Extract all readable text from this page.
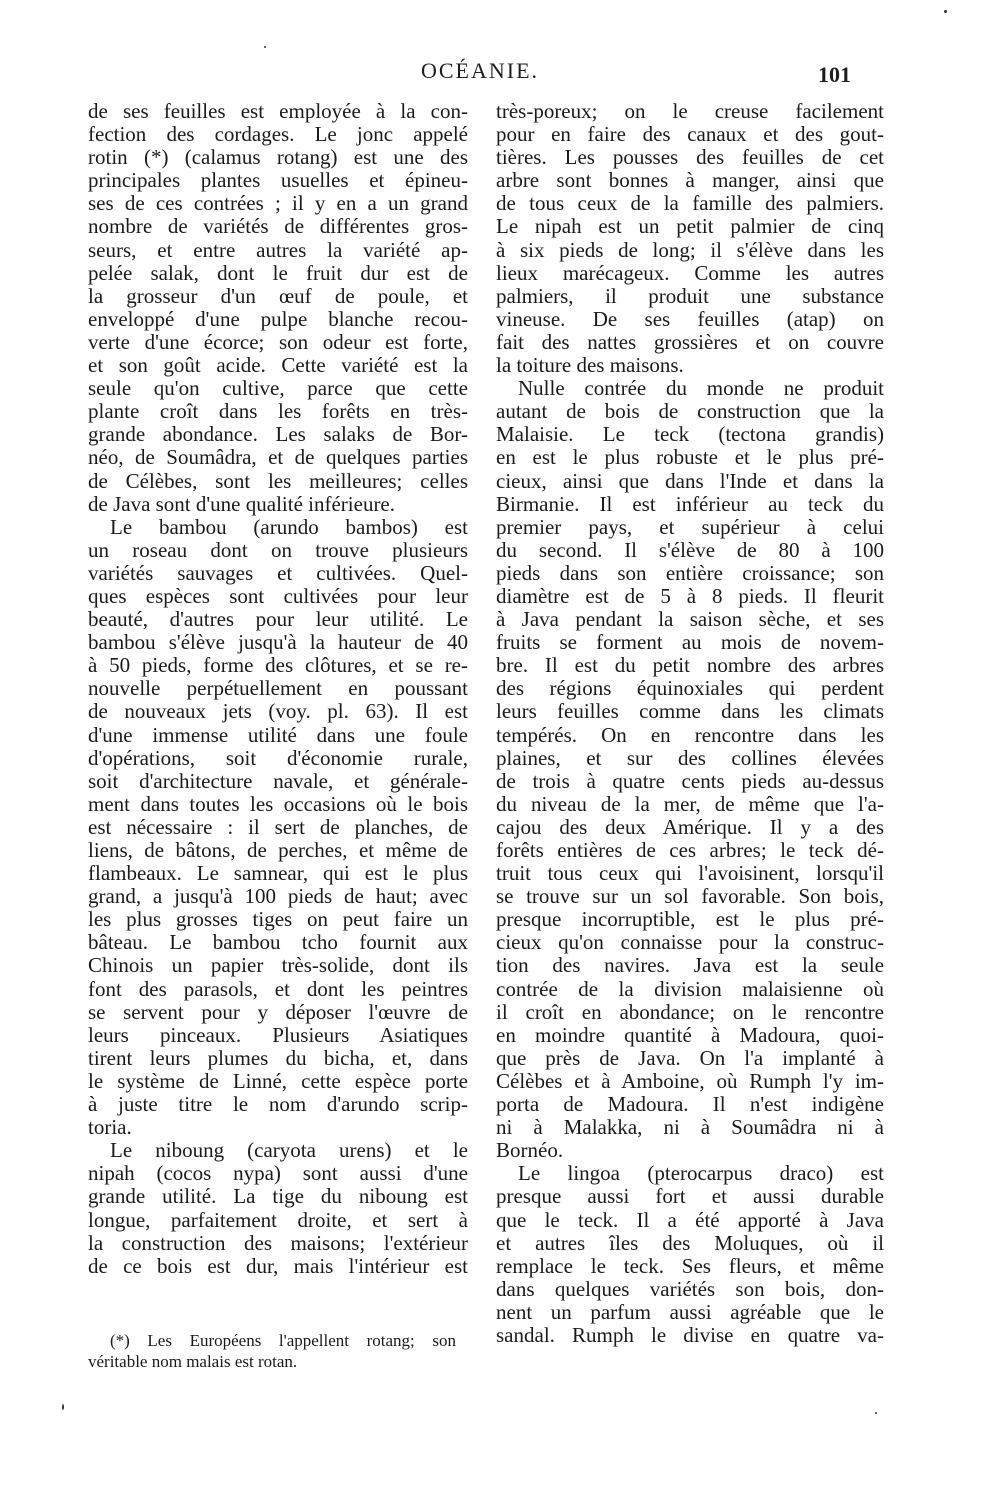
OCÉANIE.	101
de ses feuilles est employée à la con-
fection des cordages. Le jonc appelé
rotin (*) (calamus rotang) est une des
principales plantes usuelles et épineu-
ses de ces contrées ; il y en a un grand
nombre de variétés de différentes gros-
seurs, et entre autres la variété ap-
pelée salak, dont le fruit dur est de
la grosseur d'un œuf de poule, et
enveloppé d'une pulpe blanche recou-
verte d'une écorce; son odeur est forte,
et son goût acide. Cette variété est la
seule qu'on cultive, parce que cette
plante croît dans les forêts en très-
grande abondance. Les salaks de Bor-
néo, de Soumâdra, et de quelques parties
de Célèbes, sont les meilleures; celles
de Java sont d'une qualité inférieure.
Le bambou (arundo bambos) est
un roseau dont on trouve plusieurs
variétés sauvages et cultivées. Quel-
ques espèces sont cultivées pour leur
beauté, d'autres pour leur utilité. Le
bambou s'élève jusqu'à la hauteur de 40
à 50 pieds, forme des clôtures, et se re-
nouvelle perpétuellement en poussant
de nouveaux jets (voy. pl. 63). Il est
d'une immense utilité dans une foule
d'opérations, soit d'économie rurale,
soit d'architecture navale, et générale-
ment dans toutes les occasions où le bois
est nécessaire : il sert de planches, de
liens, de bâtons, de perches, et même de
flambeaux. Le samnear, qui est le plus
grand, a jusqu'à 100 pieds de haut; avec
les plus grosses tiges on peut faire un
bâteau. Le bambou tcho fournit aux
Chinois un papier très-solide, dont ils
font des parasols, et dont les peintres
se servent pour y déposer l'œuvre de
leurs pinceaux. Plusieurs Asiatiques
tirent leurs plumes du bicha, et, dans
le système de Linné, cette espèce porte
à juste titre le nom d'arundo scrip-
toria.
Le niboung (caryota urens) et le
nipah (cocos nypa) sont aussi d'une
grande utilité. La tige du niboung est
longue, parfaitement droite, et sert à
la construction des maisons; l'extérieur
de ce bois est dur, mais l'intérieur est
(*) Les Européens l'appellent rotang; son
véritable nom malais est rotan.
très-poreux; on le creuse facilement
pour en faire des canaux et des gout-
tières. Les pousses des feuilles de cet
arbre sont bonnes à manger, ainsi que
de tous ceux de la famille des palmiers.
Le nipah est un petit palmier de cinq
à six pieds de long; il s'élève dans les
lieux marécageux. Comme les autres
palmiers, il produit une substance
vineuse. De ses feuilles (atap) on
fait des nattes grossières et on couvre
la toiture des maisons.
Nulle contrée du monde ne produit
autant de bois de construction que la
Malaisie. Le teck (tectona grandis)
en est le plus robuste et le plus pré-
cieux, ainsi que dans l'Inde et dans la
Birmanie. Il est inférieur au teck du
premier pays, et supérieur à celui
du second. Il s'élève de 80 à 100
pieds dans son entière croissance; son
diamètre est de 5 à 8 pieds. Il fleurit
à Java pendant la saison sèche, et ses
fruits se forment au mois de novem-
bre. Il est du petit nombre des arbres
des régions équinoxiales qui perdent
leurs feuilles comme dans les climats
tempérés. On en rencontre dans les
plaines, et sur des collines élevées
de trois à quatre cents pieds au-dessus
du niveau de la mer, de même que l'a-
cajou des deux Amérique. Il y a des
forêts entières de ces arbres; le teck dé-
truit tous ceux qui l'avoisinent, lorsqu'il
se trouve sur un sol favorable. Son bois,
presque incorruptible, est le plus pré-
cieux qu'on connaisse pour la construc-
tion des navires. Java est la seule
contrée de la division malaisienne où
il croît en abondance; on le rencontre
en moindre quantité à Madoura, quoi-
que près de Java. On l'a implanté à
Célèbes et à Amboine, où Rumph l'y im-
porta de Madoura. Il n'est indigène
ni à Malakka, ni à Soumâdra ni à
Bornéo.
Le lingoa (pterocarpus draco) est
presque aussi fort et aussi durable
que le teck. Il a été apporté à Java
et autres îles des Moluques, où il
remplace le teck. Ses fleurs, et même
dans quelques variétés son bois, don-
nent un parfum aussi agréable que le
sandal. Rumph le divise en quatre va-
